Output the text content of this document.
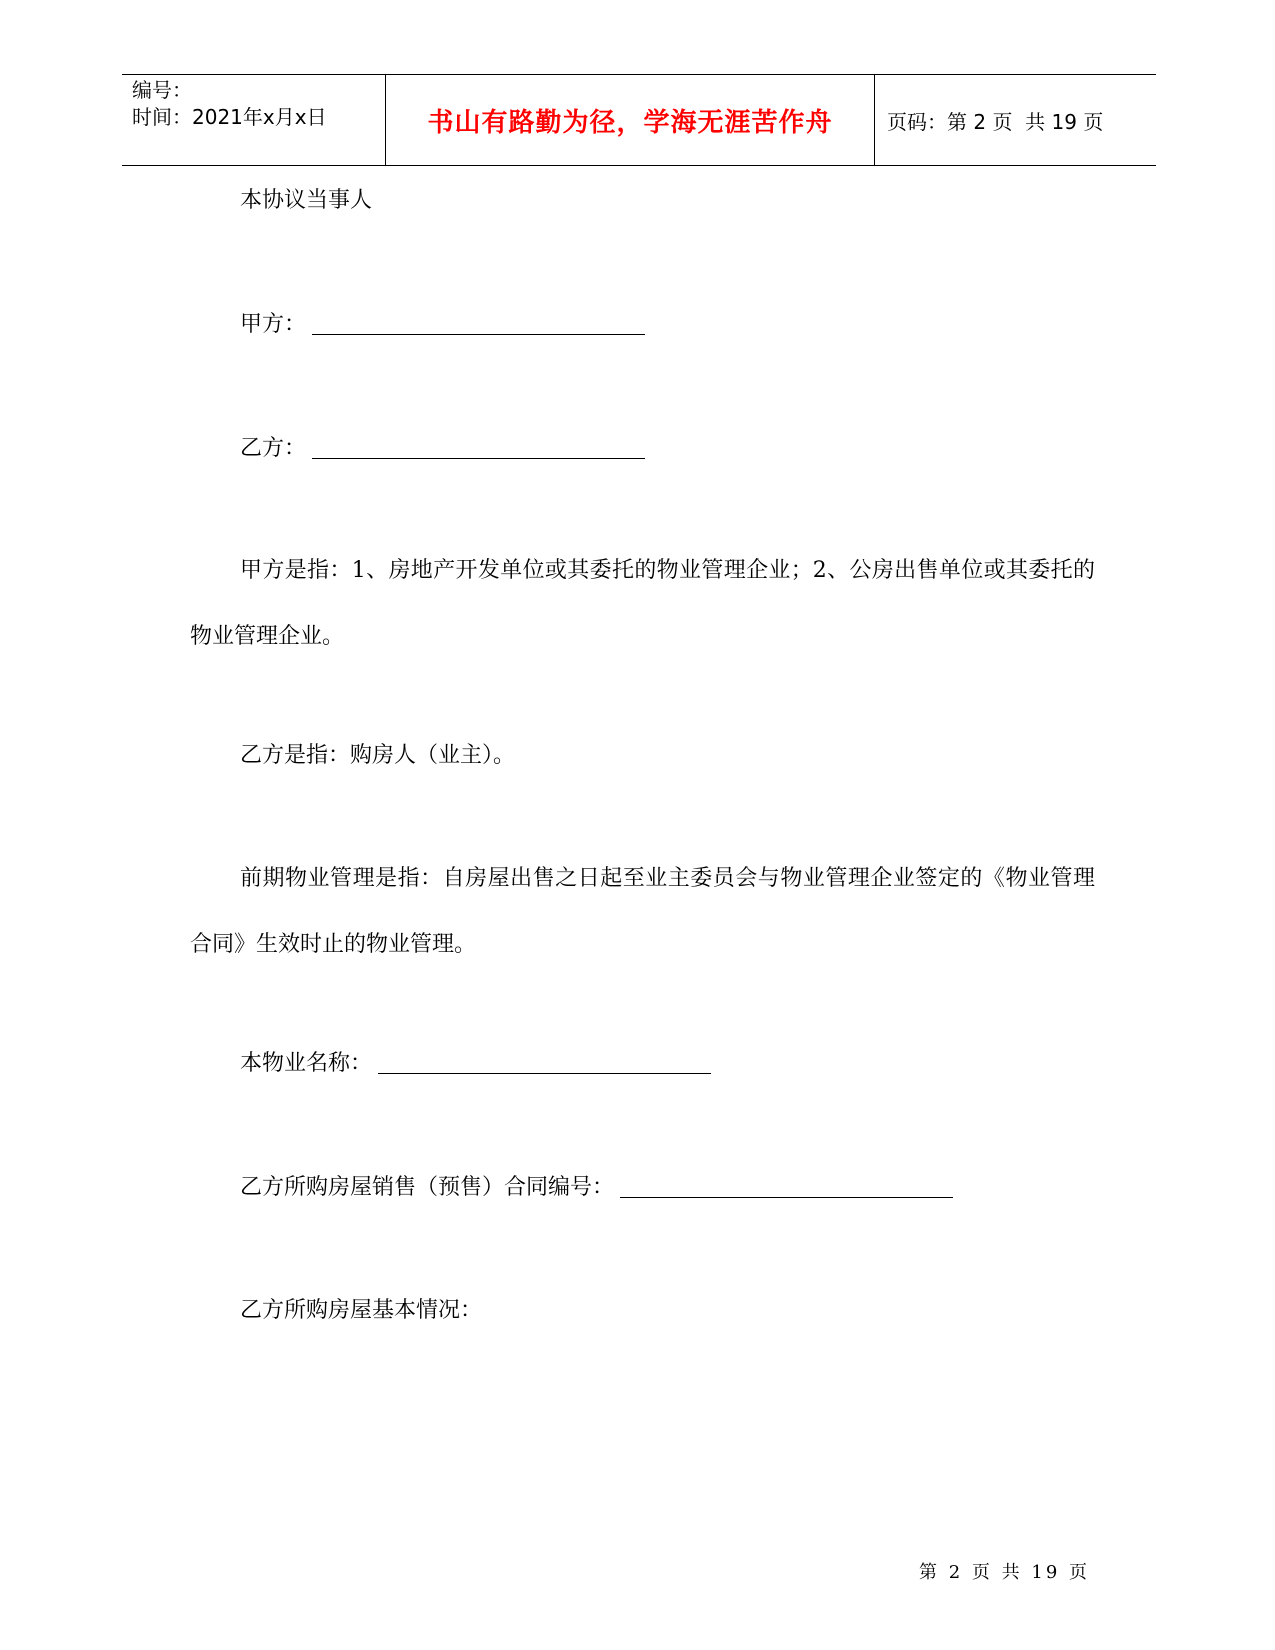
编号：
时间：2021年x月x日	书山有路勤为径，学海无涯苦作舟	页码：第 2 页  共 19 页
本协议当事人
甲方：
乙方：
甲方是指：1、房地产开发单位或其委托的物业管理企业；2、公房出售单位或其委托的物业管理企业。
乙方是指：购房人（业主）。
前期物业管理是指：自房屋出售之日起至业主委员会与物业管理企业签定的《物业管理合同》生效时止的物业管理。
本物业名称：
乙方所购房屋销售（预售）合同编号：
乙方所购房屋基本情况：
第 2 页 共 19 页
